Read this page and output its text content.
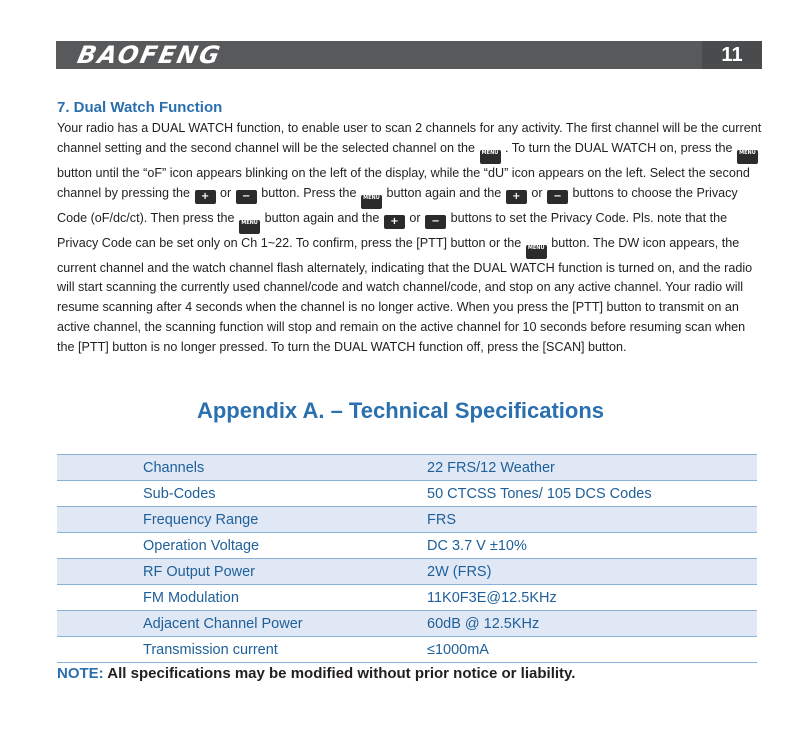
BAOFENG	11
7. Dual Watch Function
Your radio has a DUAL WATCH function, to enable user to scan 2 channels for any activity. The first channel will be the current channel setting and the second channel will be the selected channel on the MENU . To turn the DUAL WATCH on, press the MENU button until the “oF” icon appears blinking on the left of the display, while the “dU” icon appears on the left. Select the second channel by pressing the + or − button. Press the MENU button again and the + or − buttons to choose the Privacy Code (oF/dc/ct). Then press the MENU button again and the + or − buttons to set the Privacy Code. Pls. note that the Privacy Code can be set only on Ch 1~22. To confirm, press the [PTT] button or the MENU button. The DW icon appears, the current channel and the watch channel flash alternately, indicating that the DUAL WATCH function is turned on, and the radio will start scanning the currently used channel/code and watch channel/code, and stop on any active channel. Your radio will resume scanning after 4 seconds when the channel is no longer active. When you press the [PTT] button to transmit on an active channel, the scanning function will stop and remain on the active channel for 10 seconds before resuming scan when the [PTT] button is no longer pressed. To turn the DUAL WATCH function off, press the [SCAN] button.
Appendix A. – Technical Specifications
Channels	22 FRS/12 Weather
Sub-Codes	50 CTCSS Tones/ 105 DCS Codes
Frequency Range	FRS
Operation Voltage	DC 3.7 V ±10%
RF Output Power	2W (FRS)
FM Modulation	11K0F3E@12.5KHz
Adjacent Channel Power	60dB @ 12.5KHz
Transmission current	≤1000mA
NOTE: All specifications may be modified without prior notice or liability.
